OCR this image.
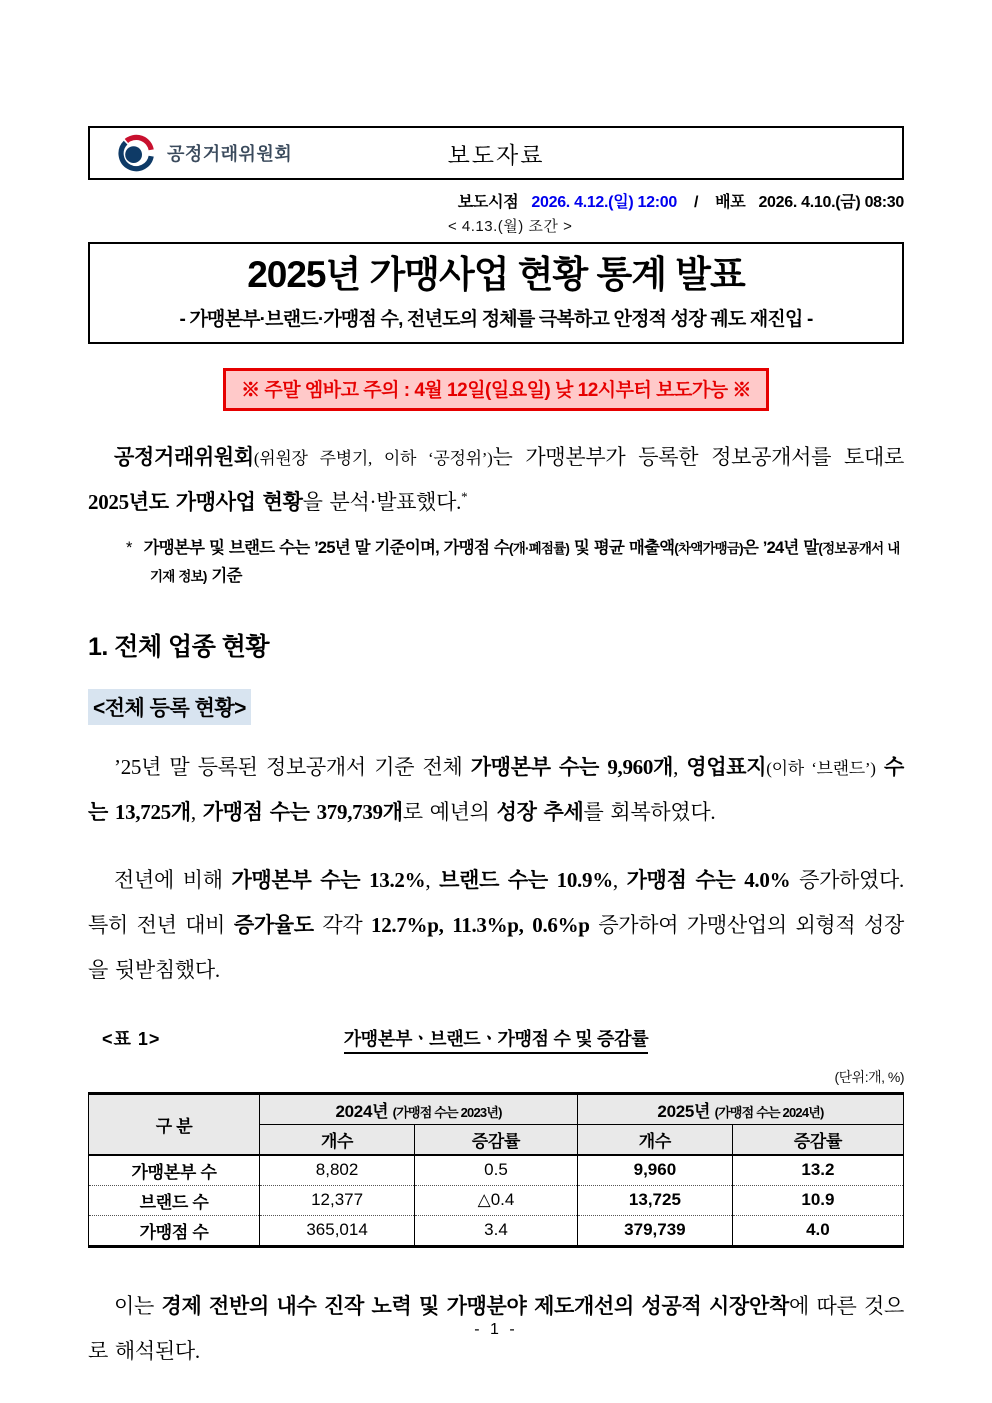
공정거래위원회	보도자료
보도시점 2026. 4.12.(일) 12:00 / 배포 2026. 4.10.(금) 08:30
< 4.13.(월) 조간 >
2025년 가맹사업 현황 통계 발표
- 가맹본부·브랜드·가맹점 수, 전년도의 정체를 극복하고 안정적 성장 궤도 재진입 -
※ 주말 엠바고 주의 : 4월 12일(일요일) 낮 12시부터 보도가능 ※

공정거래위원회(위원장 주병기, 이하 ‘공정위’)는 가맹본부가 등록한 정보공개서를 토대로 2025년도 가맹사업 현황을 분석·발표했다.*

* 가맹본부 및 브랜드 수는 ’25년 말 기준이며, 가맹점 수(개·폐점률) 및 평균 매출액(차액가맹금)은 ’24년 말(정보공개서 내 기재 정보) 기준
1. 전체 업종 현황
<전체 등록 현황>

’25년 말 등록된 정보공개서 기준 전체 가맹본부 수는 9,960개, 영업표지(이하 ‘브랜드’) 수는 13,725개, 가맹점 수는 379,739개로 예년의 성장 추세를 회복하였다.

전년에 비해 가맹본부 수는 13.2%, 브랜드 수는 10.9%, 가맹점 수는 4.0% 증가하였다. 특히 전년 대비 증가율도 각각 12.7%p, 11.3%p, 0.6%p 증가하여 가맹산업의 외형적 성장을 뒷받침했다.

<표 1>	가맹본부ㆍ브랜드ㆍ가맹점 수 및 증감률
(단위:개, %)
구 분	2024년 (가맹점 수는 2023년)		2025년 (가맹점 수는 2024년)	
	개수	증감률	개수	증감률
가맹본부 수	8,802	0.5	9,960	13.2
브랜드 수	12,377	△0.4	13,725	10.9
가맹점 수	365,014	3.4	379,739	4.0

이는 경제 전반의 내수 진작 노력 및 가맹분야 제도개선의 성공적 시장안착에 따른 것으로 해석된다.

- 1 -
